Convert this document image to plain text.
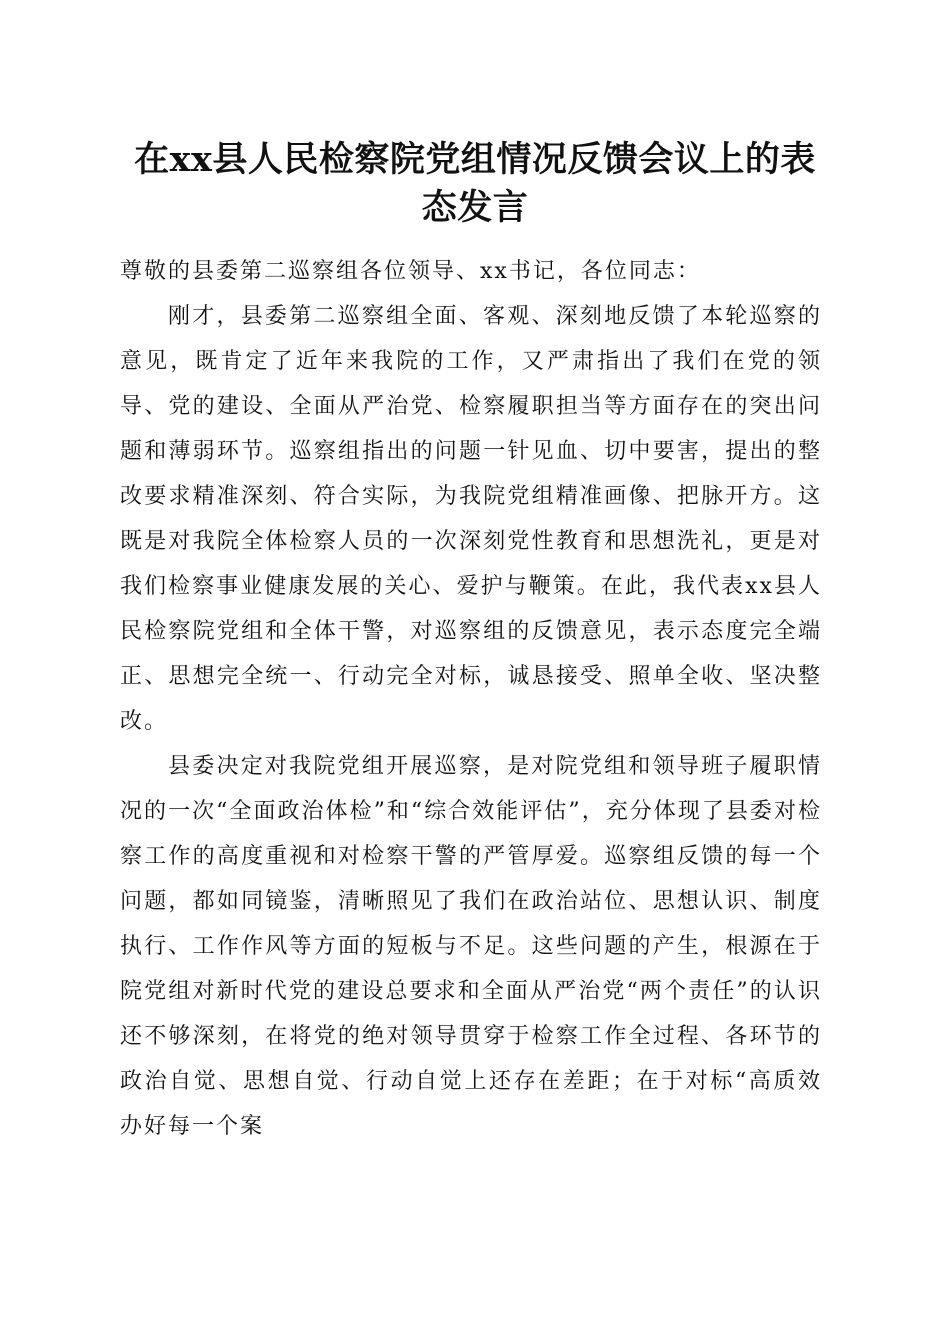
在xx县人民检察院党组情况反馈会议上的表态发言

尊敬的县委第二巡察组各位领导、xx书记，各位同志：

刚才，县委第二巡察组全面、客观、深刻地反馈了本轮巡察的意见，既肯定了近年来我院的工作，又严肃指出了我们在党的领导、党的建设、全面从严治党、检察履职担当等方面存在的突出问题和薄弱环节。巡察组指出的问题一针见血、切中要害，提出的整改要求精准深刻、符合实际，为我院党组精准画像、把脉开方。这既是对我院全体检察人员的一次深刻党性教育和思想洗礼，更是对我们检察事业健康发展的关心、爱护与鞭策。在此，我代表xx县人民检察院党组和全体干警，对巡察组的反馈意见，表示态度完全端正、思想完全统一、行动完全对标，诚恳接受、照单全收、坚决整改。

县委决定对我院党组开展巡察，是对院党组和领导班子履职情况的一次“全面政治体检”和“综合效能评估”，充分体现了县委对检察工作的高度重视和对检察干警的严管厚爱。巡察组反馈的每一个问题，都如同镜鉴，清晰照见了我们在政治站位、思想认识、制度执行、工作作风等方面的短板与不足。这些问题的产生，根源在于院党组对新时代党的建设总要求和全面从严治党“两个责任”的认识还不够深刻，在将党的绝对领导贯穿于检察工作全过程、各环节的政治自觉、思想自觉、行动自觉上还存在差距；在于对标“高质效办好每一个案
